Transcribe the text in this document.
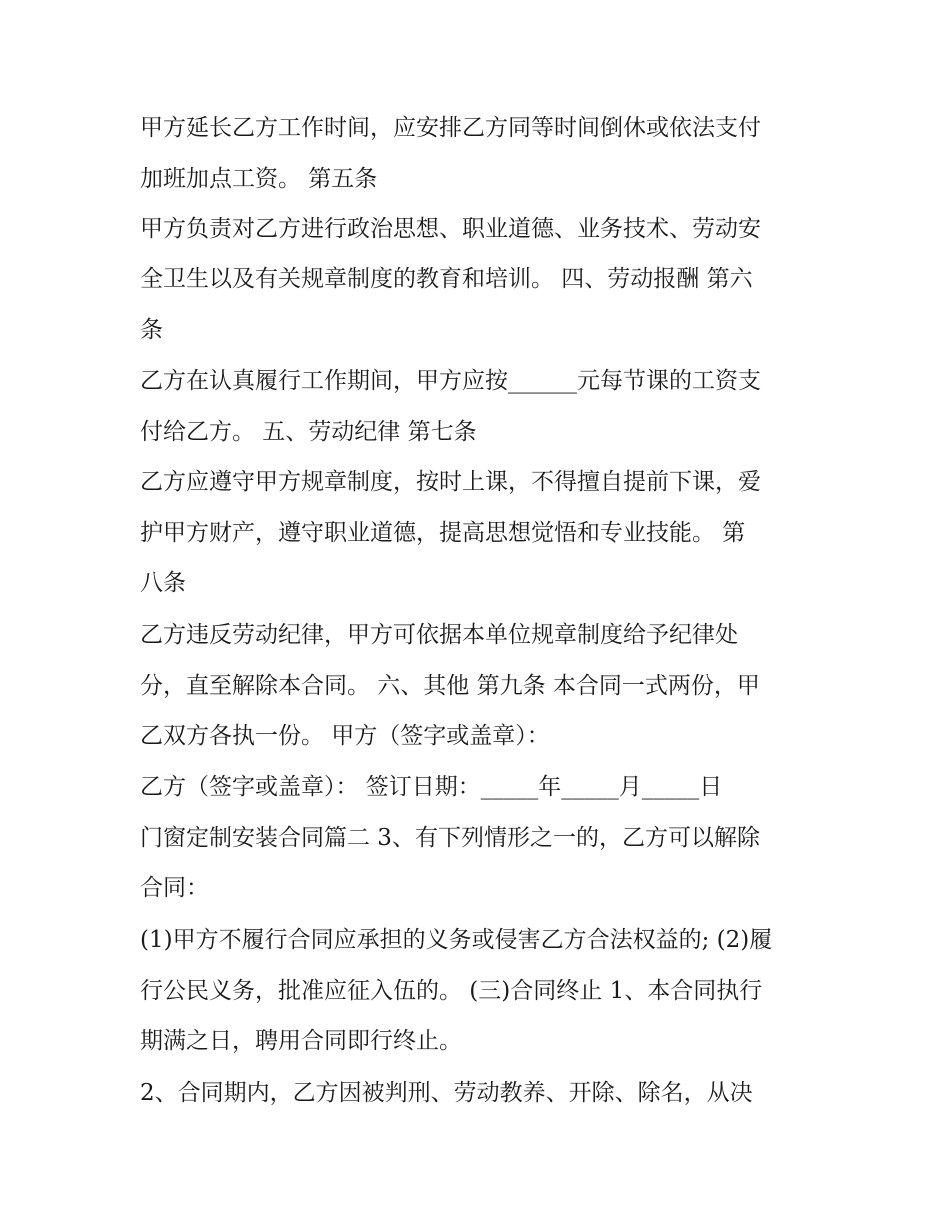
甲方延长乙方工作时间，应安排乙方同等时间倒休或依法支付

加班加点工资。 第五条

甲方负责对乙方进行政治思想、职业道德、业务技术、劳动安

全卫生以及有关规章制度的教育和培训。 四、劳动报酬 第六

条

乙方在认真履行工作期间，甲方应按______元每节课的工资支

付给乙方。 五、劳动纪律 第七条

乙方应遵守甲方规章制度，按时上课，不得擅自提前下课，爱

护甲方财产，遵守职业道德，提高思想觉悟和专业技能。 第

八条

乙方违反劳动纪律，甲方可依据本单位规章制度给予纪律处

分，直至解除本合同。 六、其他 第九条 本合同一式两份，甲

乙双方各执一份。 甲方（签字或盖章）：

乙方（签字或盖章）： 签订日期：_____年_____月_____日

门窗定制安装合同篇二 3、有下列情形之一的，乙方可以解除

合同：

(1)甲方不履行合同应承担的义务或侵害乙方合法权益的; (2)履

行公民义务，批准应征入伍的。 (三)合同终止 1、本合同执行

期满之日，聘用合同即行终止。

2、合同期内，乙方因被判刑、劳动教养、开除、除名，从决
